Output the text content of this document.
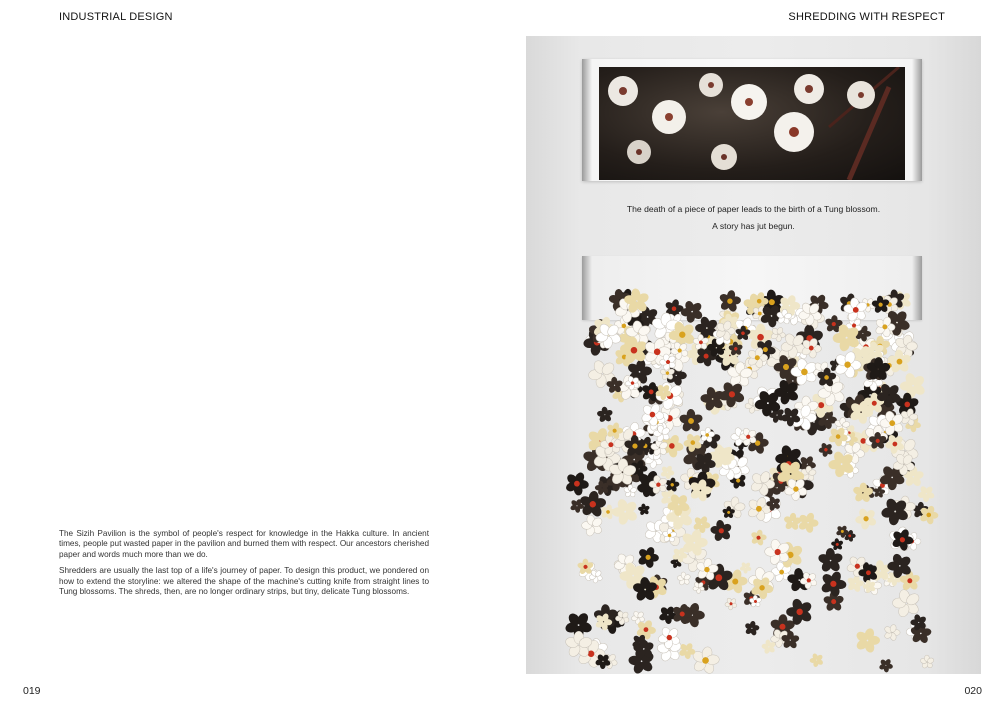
INDUSTRIAL DESIGN	SHREDDING WITH RESPECT

The Sizih Pavilion is the symbol of people's respect for knowledge in the Hakka culture. In ancient times, people put wasted paper in the pavilion and burned them with respect. Our ancestors cherished paper and words much more than we do.

Shredders are usually the last top of a life's journey of paper. To design this product, we pondered on how to extend the storyline: we altered the shape of the machine's cutting knife from straight lines to Tung blossoms. The shreds, then, are no longer ordinary strips, but tiny, delicate Tung blossoms.

The death of a piece of paper leads to the birth of a Tung blossom.
A story has jut begun.
019	020
